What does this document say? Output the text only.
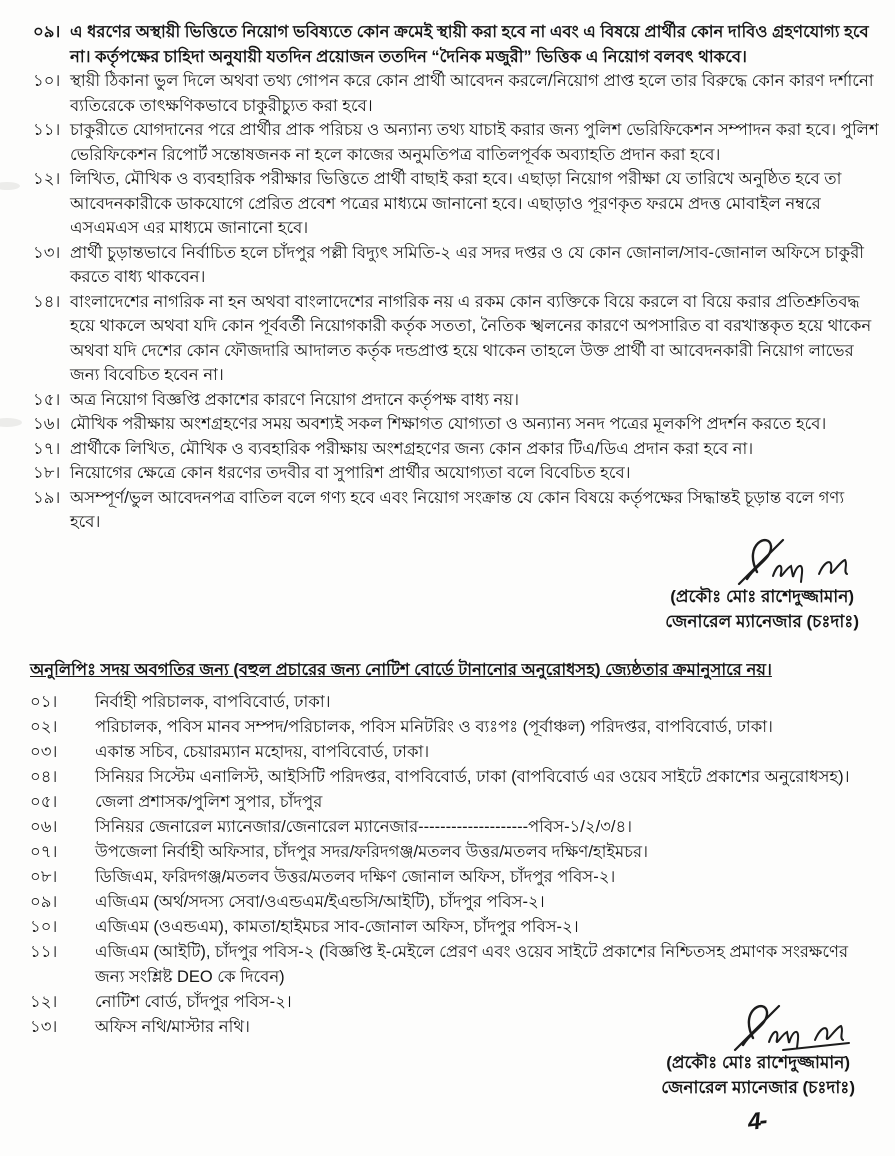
০৯। এ ধরণের অস্থায়ী ভিত্তিতে নিয়োগ ভবিষ্যতে কোন ক্রমেই স্থায়ী করা হবে না এবং এ বিষয়ে প্রার্থীর কোন দাবিও গ্রহণযোগ্য হবে না। কর্তৃপক্ষের চাহিদা অনুযায়ী যতদিন প্রয়োজন ততদিন “দৈনিক মজুরী” ভিত্তিক এ নিয়োগ বলবৎ থাকবে।
১০। স্থায়ী ঠিকানা ভুল দিলে অথবা তথ্য গোপন করে কোন প্রার্থী আবেদন করলে/নিয়োগ প্রাপ্ত হলে তার বিরুদ্ধে কোন কারণ দর্শানো ব্যতিরেকে তাৎক্ষণিকভাবে চাকুরীচ্যুত করা হবে।
১১। চাকুরীতে যোগদানের পরে প্রার্থীর প্রাক পরিচয় ও অন্যান্য তথ্য যাচাই করার জন্য পুলিশ ভেরিফিকেশন সম্পাদন করা হবে। পুলিশ ভেরিফিকেশন রিপোর্ট সন্তোষজনক না হলে কাজের অনুমতিপত্র বাতিলপূর্বক অব্যাহতি প্রদান করা হবে।
১২। লিখিত, মৌখিক ও ব্যবহারিক পরীক্ষার ভিত্তিতে প্রার্থী বাছাই করা হবে। এছাড়া নিয়োগ পরীক্ষা যে তারিখে অনুষ্ঠিত হবে তা আবেদনকারীকে ডাকযোগে প্রেরিত প্রবেশ পত্রের মাধ্যমে জানানো হবে। এছাড়াও পূরণকৃত ফরমে প্রদত্ত মোবাইল নম্বরে এসএমএস এর মাধ্যমে জানানো হবে।
১৩। প্রার্থী চুড়ান্তভাবে নির্বাচিত হলে চাঁদপুর পল্লী বিদ্যুৎ সমিতি-২ এর সদর দপ্তর ও যে কোন জোনাল/সাব-জোনাল অফিসে চাকুরী করতে বাধ্য থাকবেন।
১৪। বাংলাদেশের নাগরিক না হন অথবা বাংলাদেশের নাগরিক নয় এ রকম কোন ব্যক্তিকে বিয়ে করলে বা বিয়ে করার প্রতিশ্রুতিবদ্ধ হয়ে থাকলে অথবা যদি কোন পূর্ববর্তী নিয়োগকারী কর্তৃক সততা, নৈতিক স্খলনের কারণে অপসারিত বা বরখাস্তকৃত হয়ে থাকেন অথবা যদি দেশের কোন ফৌজদারি আদালত কর্তৃক দন্ডপ্রাপ্ত হয়ে থাকেন তাহলে উক্ত প্রার্থী বা আবেদনকারী নিয়োগ লাভের জন্য বিবেচিত হবেন না।
১৫। অত্র নিয়োগ বিজ্ঞপ্তি প্রকাশের কারণে নিয়োগ প্রদানে কর্তৃপক্ষ বাধ্য নয়।
১৬। মৌখিক পরীক্ষায় অংশগ্রহণের সময় অবশ্যই সকল শিক্ষাগত যোগ্যতা ও অন্যান্য সনদ পত্রের মূলকপি প্রদর্শন করতে হবে।
১৭। প্রার্থীকে লিখিত, মৌখিক ও ব্যবহারিক পরীক্ষায় অংশগ্রহণের জন্য কোন প্রকার টিএ/ডিএ প্রদান করা হবে না।
১৮। নিয়োগের ক্ষেত্রে কোন ধরণের তদবীর বা সুপারিশ প্রার্থীর অযোগ্যতা বলে বিবেচিত হবে।
১৯। অসম্পূর্ণ/ভুল আবেদনপত্র বাতিল বলে গণ্য হবে এবং নিয়োগ সংক্রান্ত যে কোন বিষয়ে কর্তৃপক্ষের সিদ্ধান্তই চূড়ান্ত বলে গণ্য হবে।
(প্রকৌঃ মোঃ রাশেদুজ্জামান)
জেনারেল ম্যানেজার (চঃদাঃ)
অনুলিপিঃ সদয় অবগতির জন্য (বহুল প্রচারের জন্য নোটিশ বোর্ডে টানানোর অনুরোধসহ) জ্যেষ্ঠতার ক্রমানুসারে নয়।
০১।	নির্বাহী পরিচালক, বাপবিবোর্ড, ঢাকা।
০২।	পরিচালক, পবিস মানব সম্পদ/পরিচালক, পবিস মনিটরিং ও ব্যঃপঃ (পূর্বাঞ্চল) পরিদপ্তর, বাপবিবোর্ড, ঢাকা।
০৩।	একান্ত সচিব, চেয়ারম্যান মহোদয়, বাপবিবোর্ড, ঢাকা।
০৪।	সিনিয়র সিস্টেম এনালিস্ট, আইসিটি পরিদপ্তর, বাপবিবোর্ড, ঢাকা (বাপবিবোর্ড এর ওয়েব সাইটে প্রকাশের অনুরোধসহ)।
০৫।	জেলা প্রশাসক/পুলিশ সুপার, চাঁদপুর
০৬।	সিনিয়র জেনারেল ম্যানেজার/জেনারেল ম্যানেজার--------------------পবিস-১/২/৩/৪।
০৭।	উপজেলা নির্বাহী অফিসার, চাঁদপুর সদর/ফরিদগঞ্জ/মতলব উত্তর/মতলব দক্ষিণ/হাইমচর।
০৮।	ডিজিএম, ফরিদগঞ্জ/মতলব উত্তর/মতলব দক্ষিণ জোনাল অফিস, চাঁদপুর পবিস-২।
০৯।	এজিএম (অর্থ/সদস্য সেবা/ওএন্ডএম/ইএন্ডসি/আইটি), চাঁদপুর পবিস-২।
১০।	এজিএম (ওএন্ডএম), কামতা/হাইমচর সাব-জোনাল অফিস, চাঁদপুর পবিস-২।
১১।	এজিএম (আইটি), চাঁদপুর পবিস-২ (বিজ্ঞপ্তি ই-মেইলে প্রেরণ এবং ওয়েব সাইটে প্রকাশের নিশ্চিতসহ প্রমাণক সংরক্ষণের জন্য সংশ্লিষ্ট DEO কে দিবেন)
১২।	নোটিশ বোর্ড, চাঁদপুর পবিস-২।
১৩।	অফিস নথি/মাস্টার নথি।
(প্রকৌঃ মোঃ রাশেদুজ্জামান)
জেনারেল ম্যানেজার (চঃদাঃ)
4-
